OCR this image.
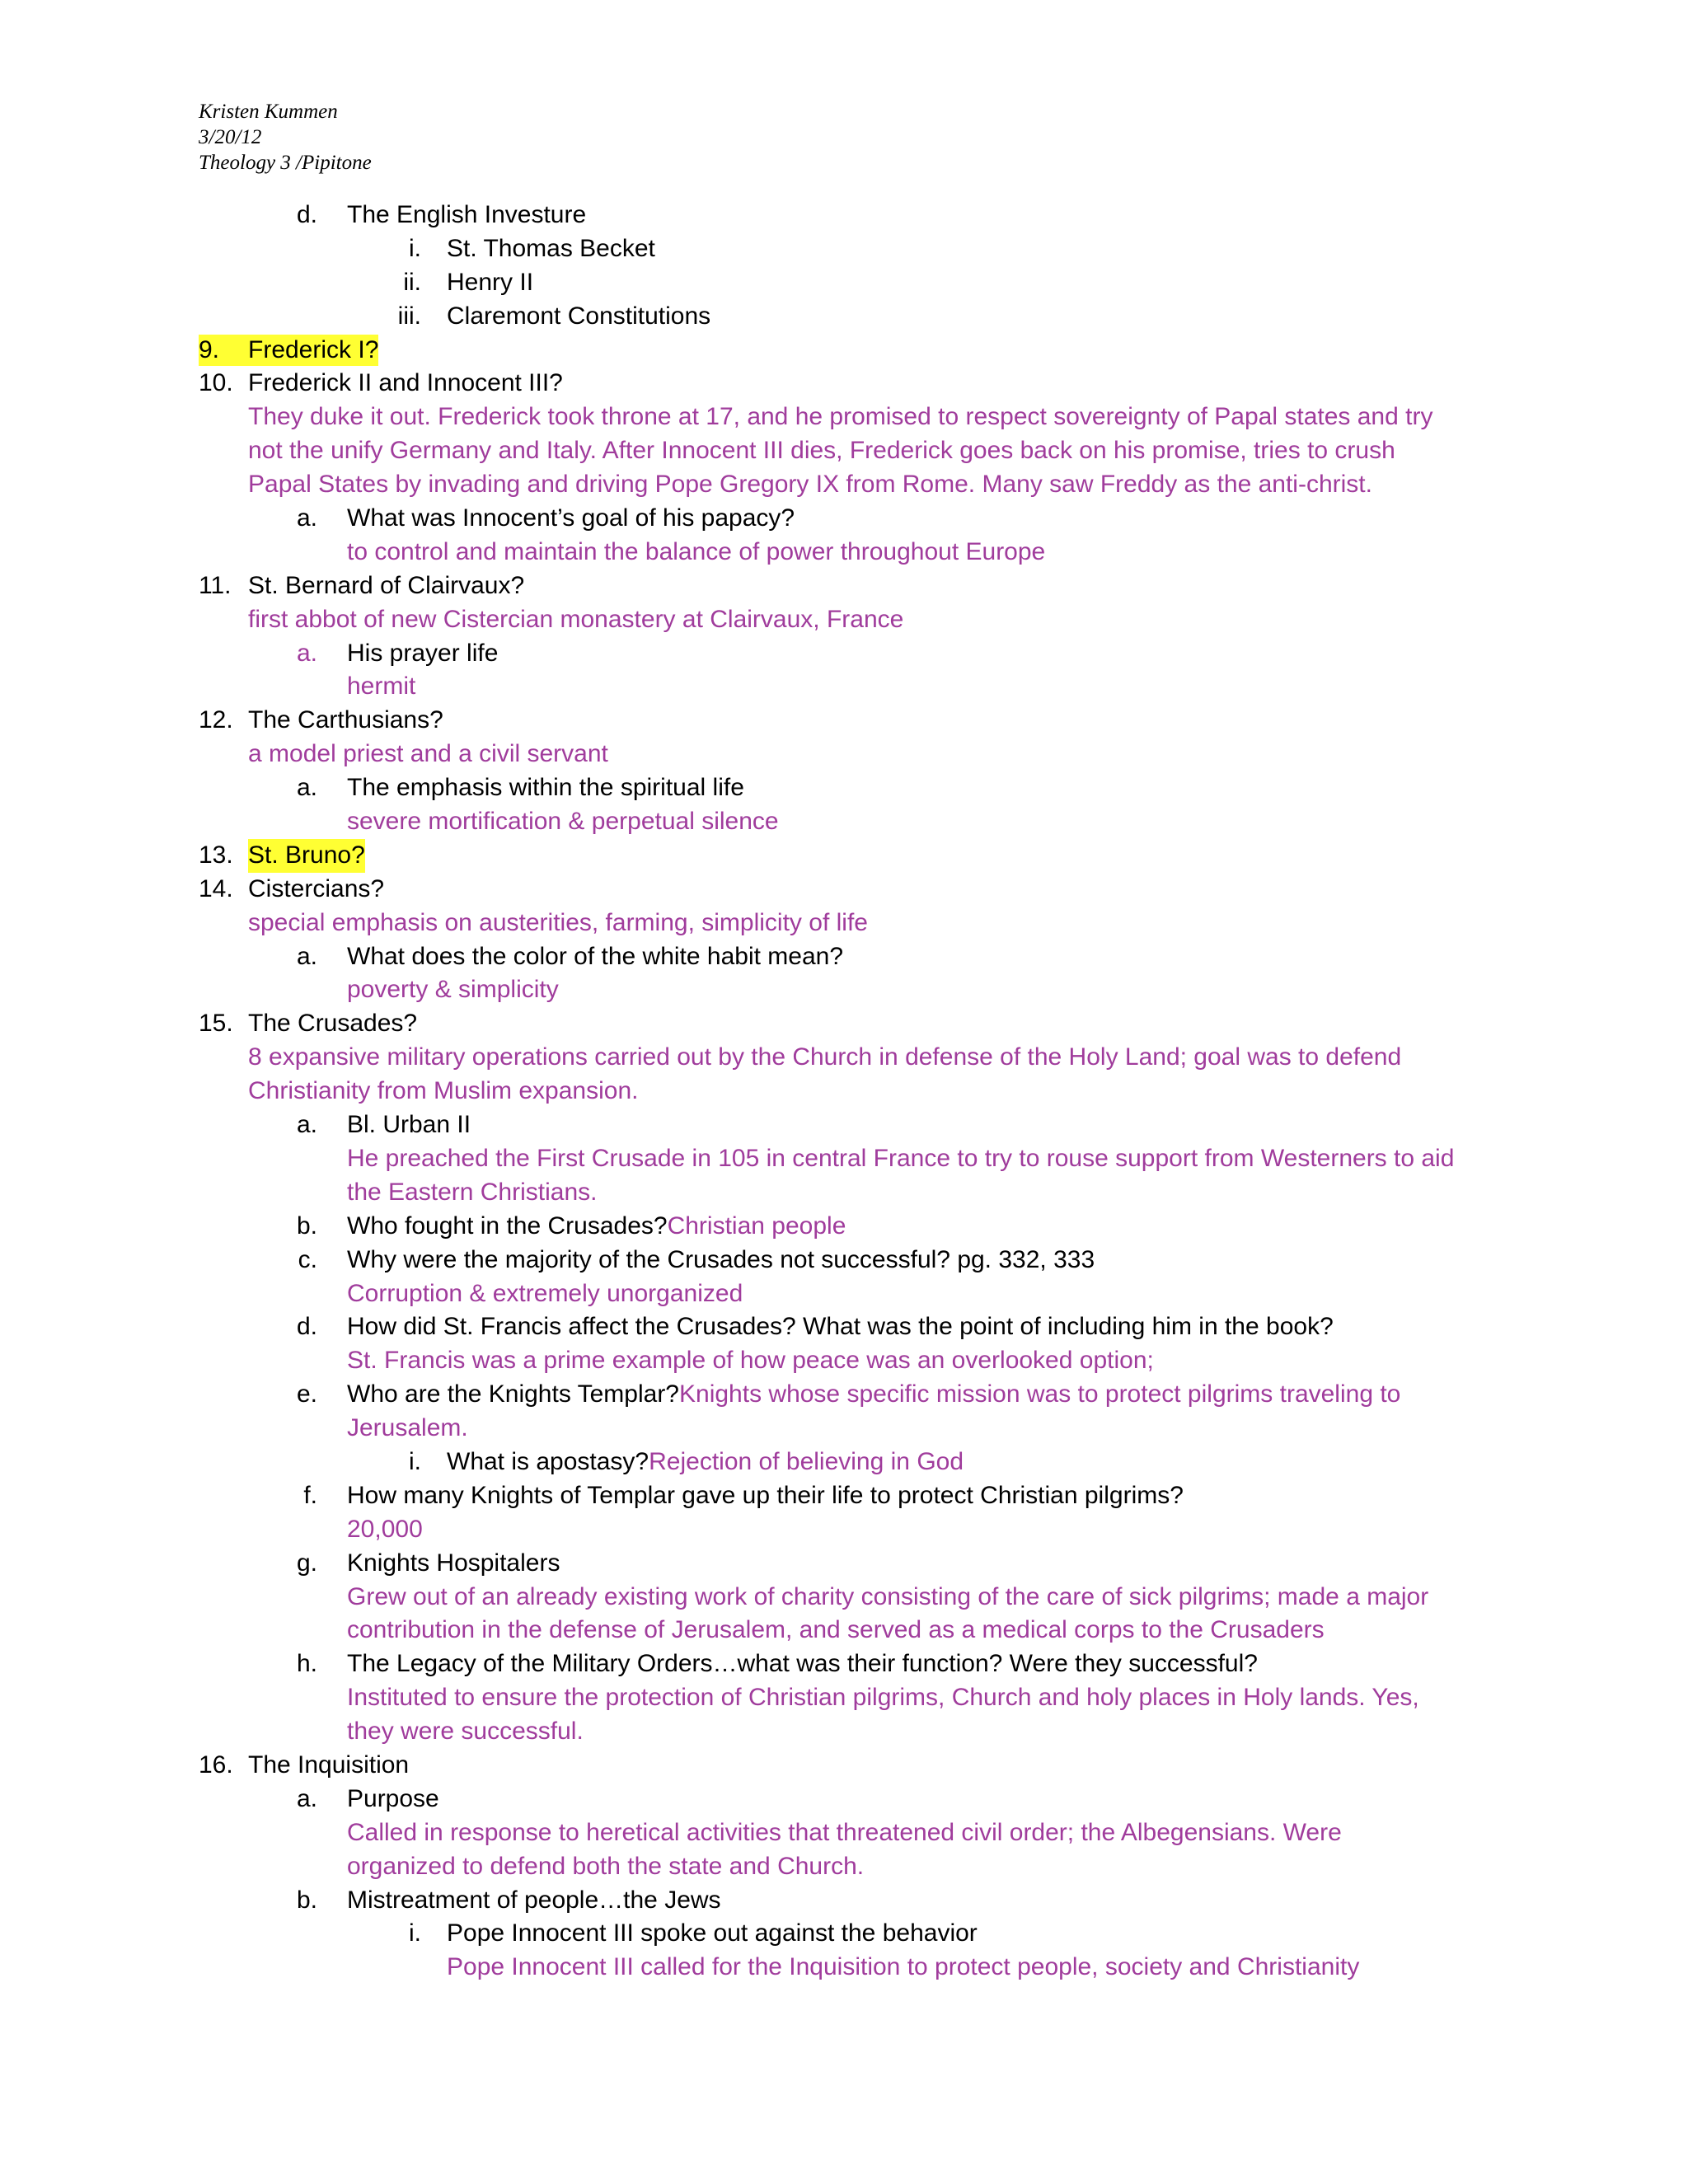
Kristen Kummen
3/20/12
Theology 3 /Pipitone
d. The English Investure
i. St. Thomas Becket
ii. Henry II
iii. Claremont Constitutions
9. Frederick I?
10. Frederick II and Innocent III?
They duke it out. Frederick took throne at 17, and he promised to respect sovereignty of Papal states and try
not the unify Germany and Italy. After Innocent III dies, Frederick goes back on his promise, tries to crush
Papal States by invading and driving Pope Gregory IX from Rome. Many saw Freddy as the anti-christ.
a. What was Innocent’s goal of his papacy?
to control and maintain the balance of power throughout Europe
11. St. Bernard of Clairvaux?
first abbot of new Cistercian monastery at Clairvaux, France
a. His prayer life
hermit
12. The Carthusians?
a model priest and a civil servant
a. The emphasis within the spiritual life
severe mortification & perpetual silence
13. St. Bruno?
14. Cistercians?
special emphasis on austerities, farming, simplicity of life
a. What does the color of the white habit mean?
poverty & simplicity
15. The Crusades?
8 expansive military operations carried out by the Church in defense of the Holy Land; goal was to defend
Christianity from Muslim expansion.
a. Bl. Urban II
He preached the First Crusade in 105 in central France to try to rouse support from Westerners to aid
the Eastern Christians.
b. Who fought in the Crusades?Christian people
c. Why were the majority of the Crusades not successful? pg. 332, 333
Corruption & extremely unorganized
d. How did St. Francis affect the Crusades? What was the point of including him in the book?
St. Francis was a prime example of how peace was an overlooked option;
e. Who are the Knights Templar?Knights whose specific mission was to protect pilgrims traveling to
Jerusalem.
i. What is apostasy?Rejection of believing in God
f. How many Knights of Templar gave up their life to protect Christian pilgrims?
20,000
g. Knights Hospitalers
Grew out of an already existing work of charity consisting of the care of sick pilgrims; made a major
contribution in the defense of Jerusalem, and served as a medical corps to the Crusaders
h. The Legacy of the Military Orders…what was their function? Were they successful?
Instituted to ensure the protection of Christian pilgrims, Church and holy places in Holy lands. Yes,
they were successful.
16. The Inquisition
a. Purpose
Called in response to heretical activities that threatened civil order; the Albegensians. Were
organized to defend both the state and Church.
b. Mistreatment of people…the Jews
i. Pope Innocent III spoke out against the behavior
Pope Innocent III called for the Inquisition to protect people, society and Christianity
